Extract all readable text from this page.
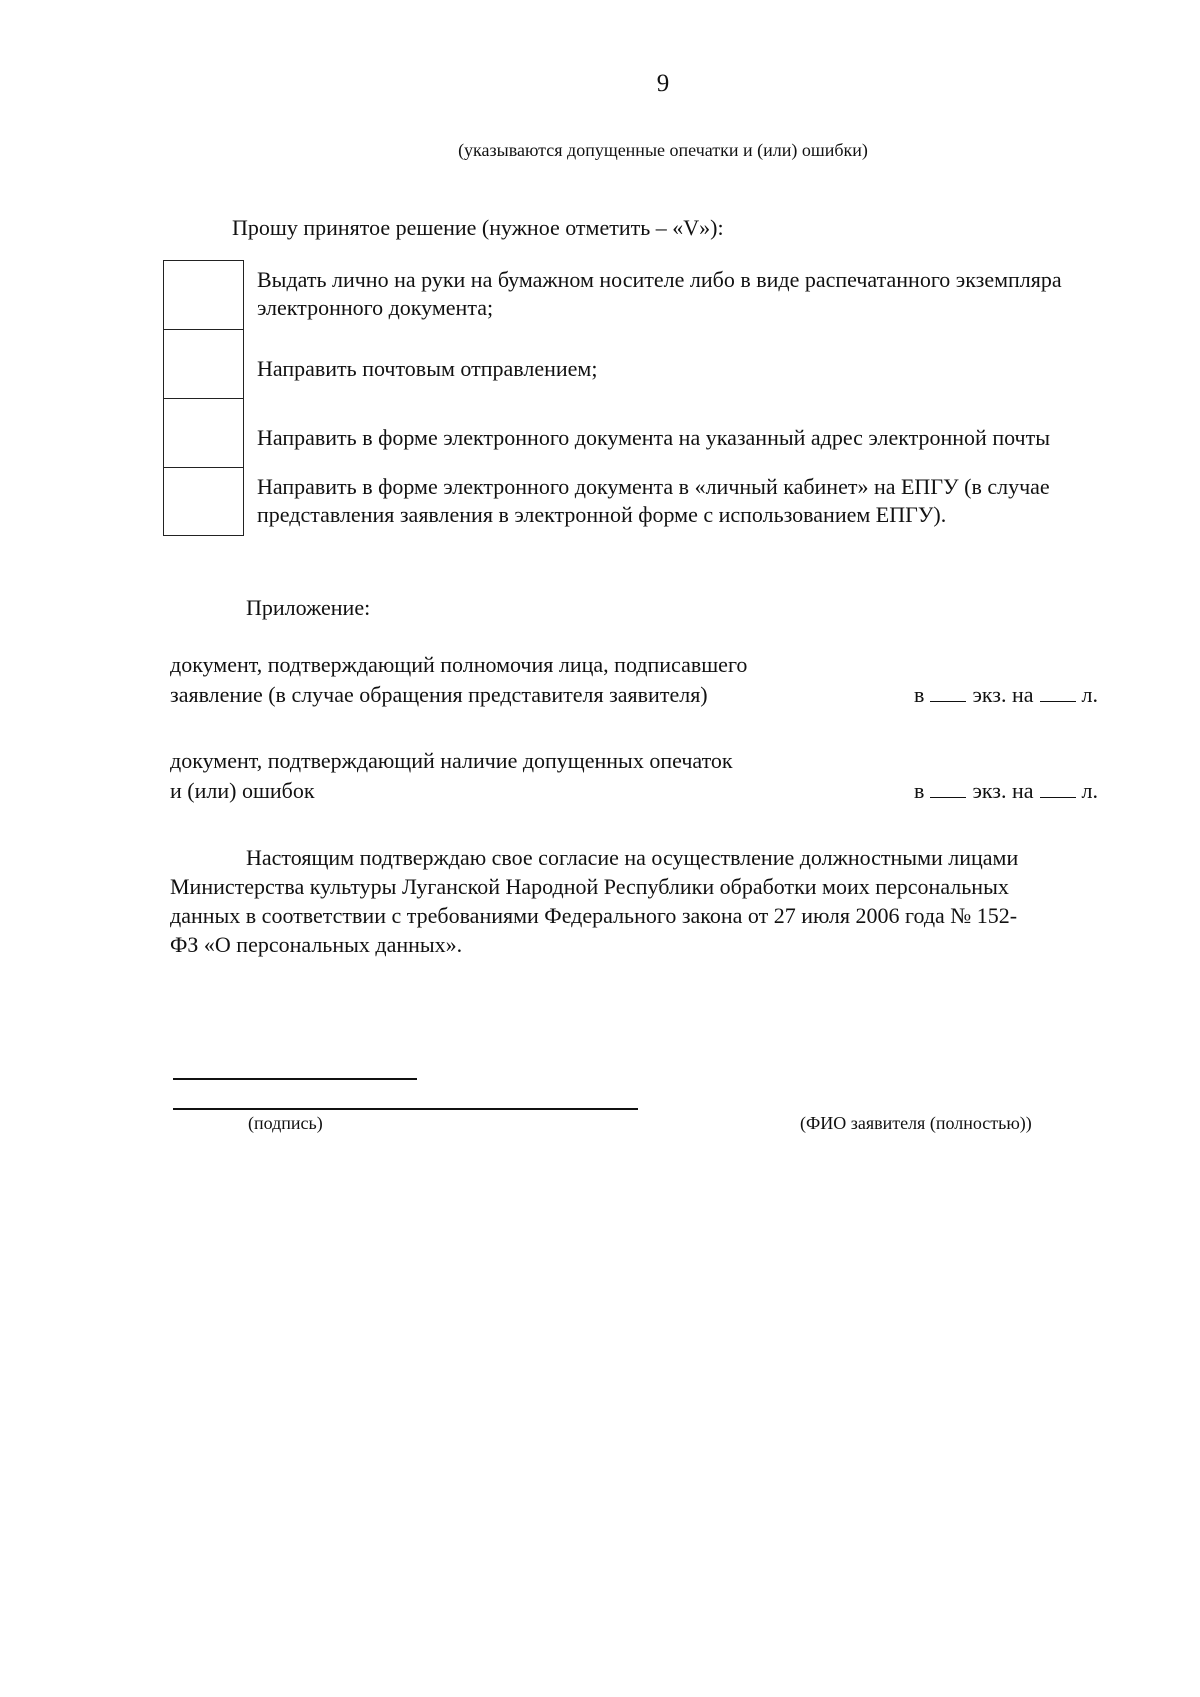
9
(указываются допущенные опечатки и (или) ошибки)
Прошу принятое решение (нужное отметить – «V»):
Выдать лично на руки на бумажном носителе либо в виде распечатанного экземпляра
электронного документа;
Направить почтовым отправлением;
Направить в форме электронного документа на указанный адрес электронной почты
Направить в форме электронного документа в «личный кабинет» на ЕПГУ (в случае
представления заявления в электронной форме с использованием ЕПГУ).
Приложение:
документ, подтверждающий полномочия лица, подписавшего
заявление (в случае обращения представителя заявителя)	в экз. на л.
документ, подтверждающий наличие допущенных опечаток
и (или) ошибок	в экз. на л.
Настоящим подтверждаю свое согласие на осуществление должностными лицами
Министерства культуры Луганской Народной Республики обработки моих персональных
данных в соответствии с требованиями Федерального закона от 27 июля 2006 года № 152-
ФЗ «О персональных данных».
(подпись)	(ФИО заявителя (полностью))
